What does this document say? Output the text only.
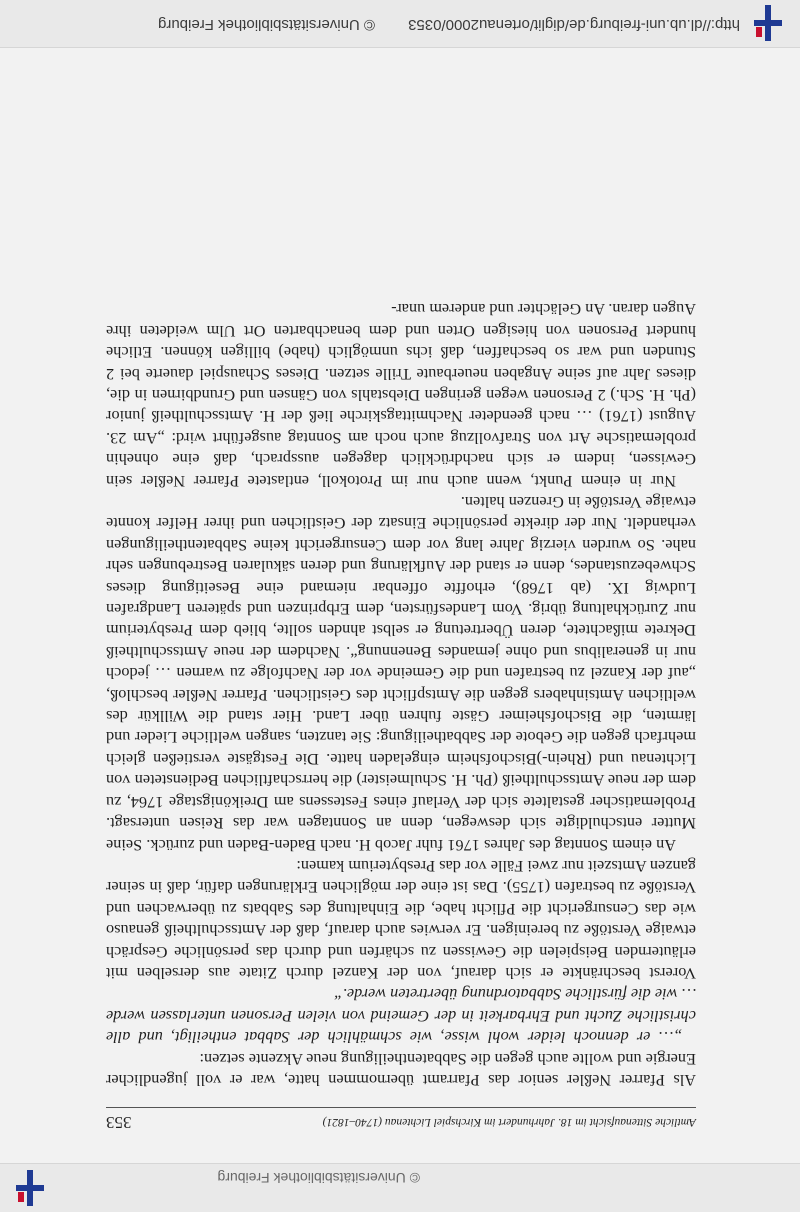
© Universitätsbibliothek Freiburg
Amtliche Sittenaufsicht im 18. Jahrhundert im Kirchspiel Lichtenau (1740–1821)
353

Als Pfarrer Neßler senior das Pfarramt übernommen hatte, war er voll jugendlicher Energie und wollte auch gegen die Sabbatentheiligung neue Akzente setzen:

„… er dennoch leider wohl wisse, wie schmählich der Sabbat entheiligt, und alle christliche Zucht und Ehrbarkeit in der Gemeind von vielen Personen unterlassen werde … wie die fürstliche Sabbatordnung übertreten werde.“

Vorerst beschränkte er sich darauf, von der Kanzel durch Zitate aus derselben mit erläuternden Beispielen die Gewissen zu schärfen und durch das persönliche Gespräch etwaige Verstöße zu bereinigen. Er verwies auch darauf, daß der Amtsschultheiß genauso wie das Censurgericht die Pflicht habe, die Einhaltung des Sabbats zu überwachen und Verstöße zu bestrafen (1755). Das ist eine der möglichen Erklärungen dafür, daß in seiner ganzen Amtszeit nur zwei Fälle vor das Presbyterium kamen:

An einem Sonntag des Jahres 1761 fuhr Jacob H. nach Baden-Baden und zurück. Seine Mutter entschuldigte sich deswegen, denn an Sonntagen war das Reisen untersagt. Problematischer gestaltete sich der Verlauf eines Festessens am Dreikönigstage 1764, zu dem der neue Amtsschultheiß (Ph. H. Schulmeister) die herrschaftlichen Bediensteten von Lichtenau und (Rhein-)Bischofsheim eingeladen hatte. Die Festgäste verstießen gleich mehrfach gegen die Gebote der Sabbatheiligung: Sie tanzten, sangen weltliche Lieder und lärmten, die Bischofsheimer Gäste fuhren über Land. Hier stand die Willkür des weltlichen Amtsinhabers gegen die Amtspflicht des Geistlichen. Pfarrer Neßler beschloß, „auf der Kanzel zu bestrafen und die Gemeinde vor der Nachfolge zu warnen … jedoch nur in generalibus und ohne jemandes Benennung“. Nachdem der neue Amtsschultheiß Dekrete mißachtete, deren Übertretung er selbst ahnden sollte, blieb dem Presbyterium nur Zurückhaltung übrig. Vom Landesfürsten, dem Erbprinzen und späteren Landgrafen Ludwig IX. (ab 1768), erhoffte offenbar niemand eine Beseitigung dieses Schwebezustandes, denn er stand der Aufklärung und deren säkularen Bestrebungen sehr nahe. So wurden vierzig Jahre lang vor dem Censurgericht keine Sabbatentheiligungen verhandelt. Nur der direkte persönliche Einsatz der Geistlichen und ihrer Helfer konnte etwaige Verstöße in Grenzen halten.

Nur in einem Punkt, wenn auch nur im Protokoll, entlastete Pfarrer Neßler sein Gewissen, indem er sich nachdrücklich dagegen aussprach, daß eine ohnehin problematische Art von Strafvollzug auch noch am Sonntag ausgeführt wird: „Am 23. August (1761) … nach geendeter Nachmittagskirche ließ der H. Amtsschultheiß junior (Ph. H. Sch.) 2 Personen wegen geringen Diebstahls von Gänsen und Grundbirnen in die, dieses Jahr auf seine Angaben neuerbaute Trille setzen. Dieses Schauspiel dauerte bei 2 Stunden und war so beschaffen, daß ichs unmöglich (habe) billigen können. Etliche hundert Personen von hiesigen Orten und dem benachbarten Ort Ulm weideten ihre Augen daran. An Gelächter und anderem unar-

http://dl.ub.uni-freiburg.de/diglit/ortenau2000/0353
© Universitätsbibliothek Freiburg
